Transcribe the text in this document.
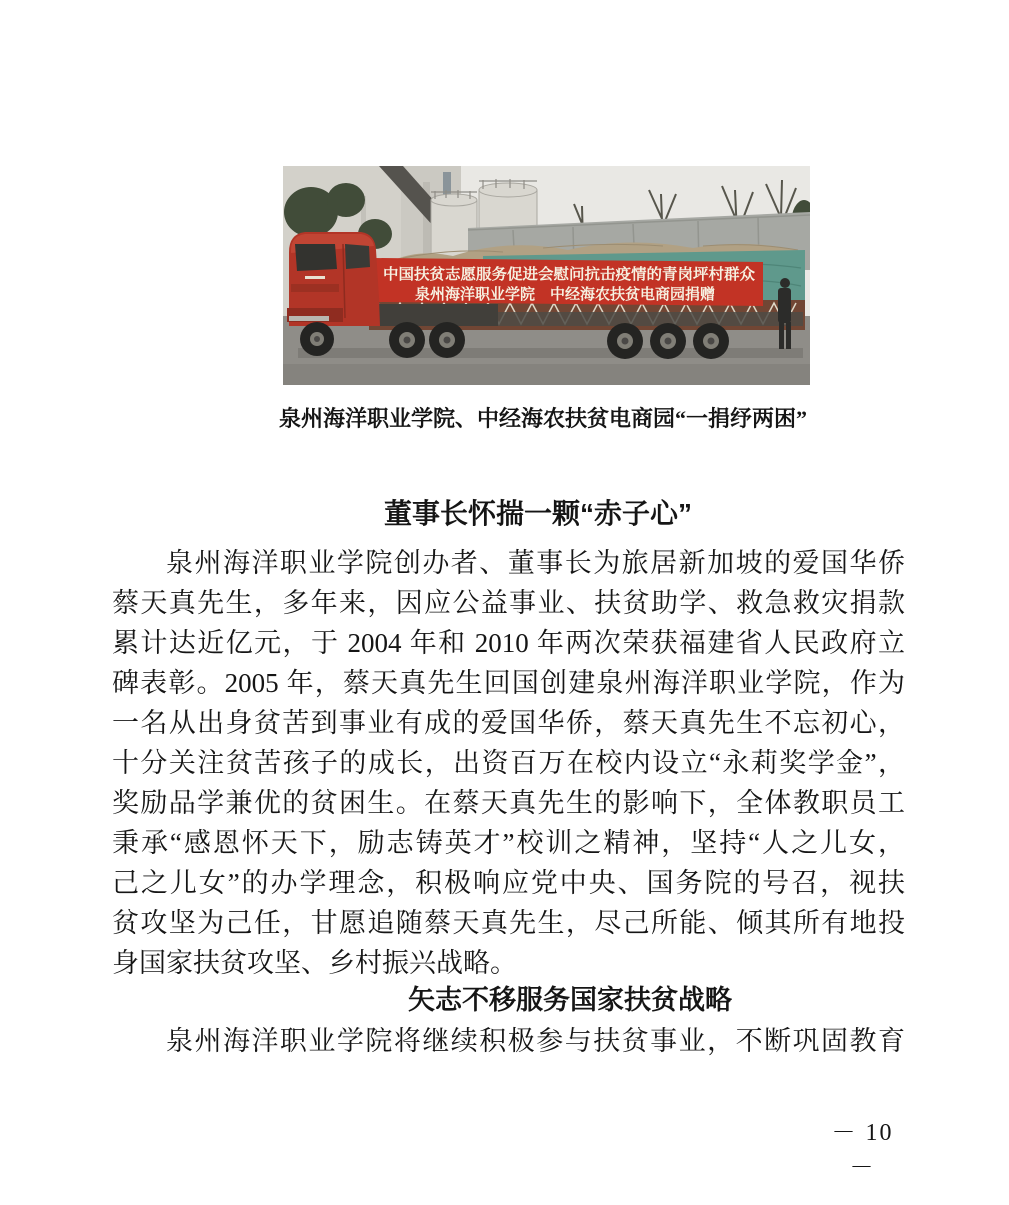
中国扶贫志愿服务促进会慰问抗击疫情的青岗坪村群众
泉州海洋职业学院　中经海农扶贫电商园捐赠
泉州海洋职业学院、中经海农扶贫电商园“一捐纾两困”
董事长怀揣一颗“赤子心”
泉州海洋职业学院创办者、董事长为旅居新加坡的爱国华侨
蔡天真先生，多年来，因应公益事业、扶贫助学、救急救灾捐款
累计达近亿元，于 2004 年和 2010 年两次荣获福建省人民政府立
碑表彰。2005 年，蔡天真先生回国创建泉州海洋职业学院，作为
一名从出身贫苦到事业有成的爱国华侨，蔡天真先生不忘初心，
十分关注贫苦孩子的成长，出资百万在校内设立“永莉奖学金”，
奖励品学兼优的贫困生。在蔡天真先生的影响下，全体教职员工
秉承“感恩怀天下，励志铸英才”校训之精神，坚持“人之儿女，
己之儿女”的办学理念，积极响应党中央、国务院的号召，视扶
贫攻坚为己任，甘愿追随蔡天真先生，尽己所能、倾其所有地投
身国家扶贫攻坚、乡村振兴战略。
矢志不移服务国家扶贫战略
泉州海洋职业学院将继续积极参与扶贫事业，不断巩固教育
－ 10 －
